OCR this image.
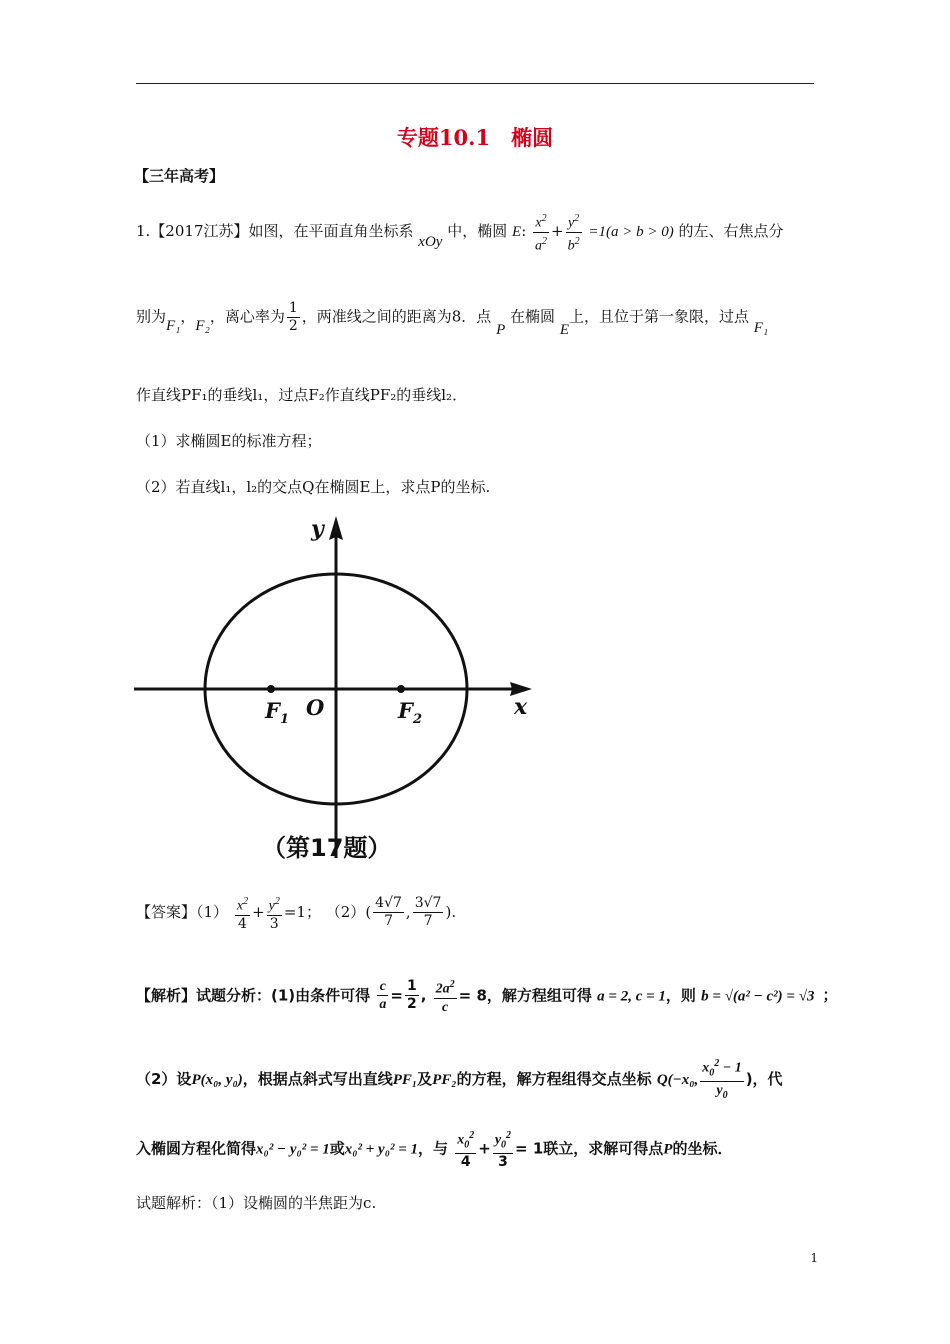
专题10.1　椭圆
【三年高考】
1.【2017江苏】如图，在平面直角坐标系 xOy 中，椭圆 E: $\frac{x^2}{a^2} + \frac{y^2}{b^2} =1(a > b > 0)$ 的左、右焦点分
别为F₁，F₂，离心率为 $\frac{1}{2}$ ，两准线之间的距离为8．点 P 在椭圆 E上，且位于第一象限，过点 F₁
作直线PF₁的垂线l₁，过点F₂作直线PF₂的垂线l₂．
（1）求椭圆E的标准方程；
（2）若直线l₁，l₂的交点Q在椭圆E上，求点P的坐标.
y
x
O
F 1	F 2
（第17题）
【答案】$(1) \frac{x^2}{4} + \frac{y^2}{3} =1$； $(2)( \frac{4√7}{7}$ , $\frac{3√7}{7}$ ).
【解析】试题分析：(1)由条件可得 $\frac{c}{a} = \frac{1}{2}$ , $\frac{2a^2}{c} = 8$，解方程组可得 a = 2, c = 1，则 b = √(a² − c²) = √3 ；
（2）设P(x₀, y₀)，根据点斜式写出直线PF₁及PF₂的方程，解方程组得交点坐标 Q(−x₀, $\frac{x_0^2 - 1}{y_0}$ )，代
入椭圆方程化简得x₀² − y₀² = 1或x₀² + y₀² = 1，与 $\frac{x_0^2}{4} + \frac{y_0^2}{3} = 1$联立，求解可得点P的坐标．
试题解析：（1）设椭圆的半焦距为c.
1
